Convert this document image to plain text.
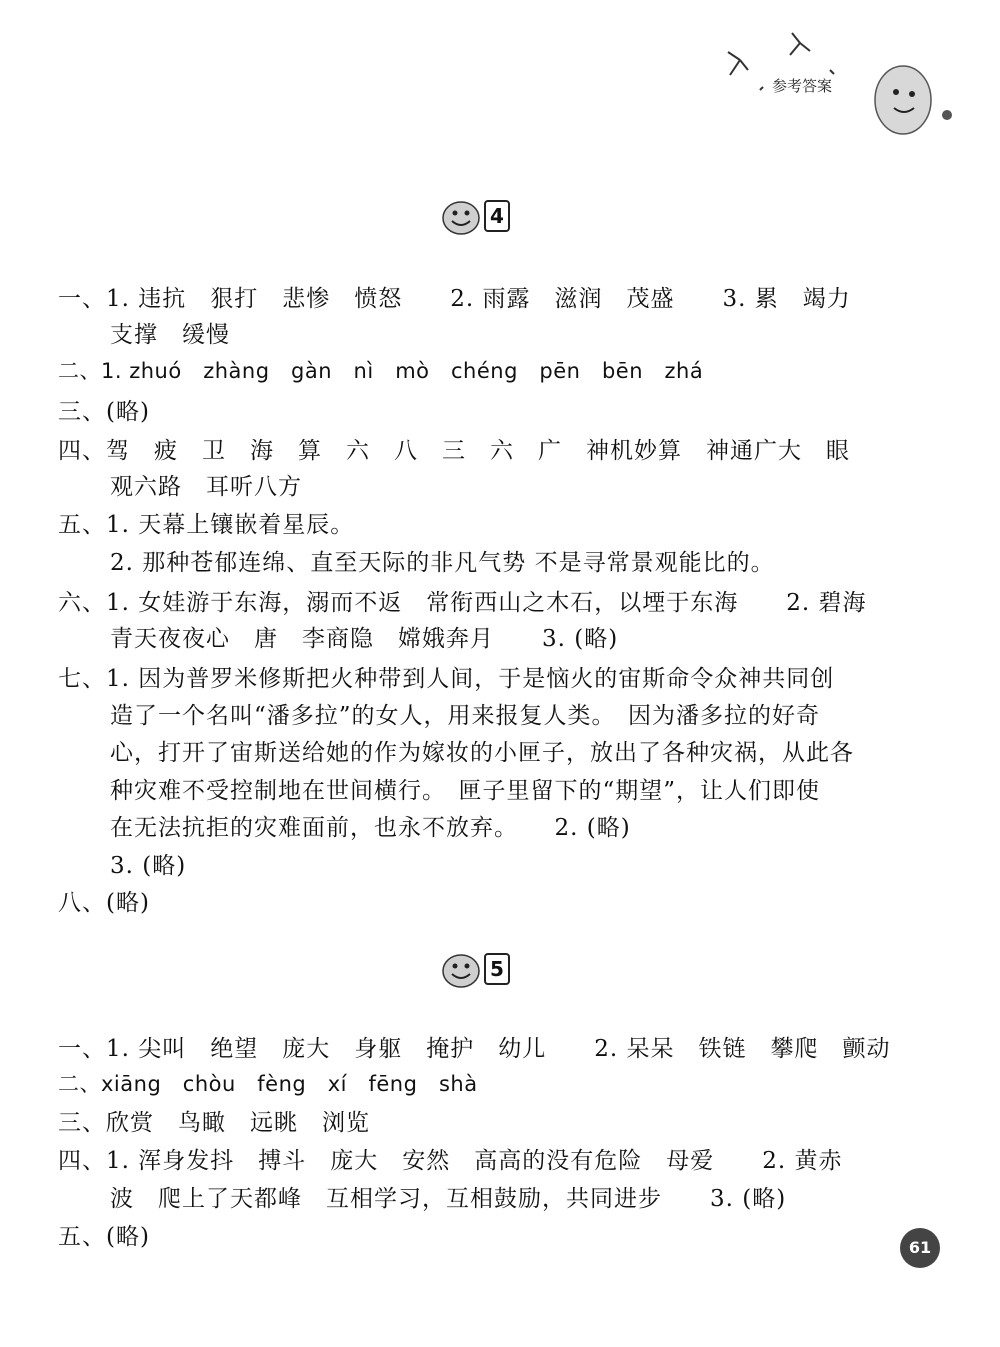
参考答案
4
一、1. 违抗　狠打　悲惨　愤怒　　2. 雨露　滋润　茂盛　　3. 累　竭力
支撑　缓慢
二、1. zhuó　zhàng　gàn　nì　mò　chéng　pēn　bēn　zhá
三、(略)
四、驾　疲　卫　海　算　六　八　三　六　广　神机妙算　神通广大　眼
观六路　耳听八方
五、1. 天幕上镶嵌着星辰。
2. 那种苍郁连绵、直至天际的非凡气势 不是寻常景观能比的。
六、1. 女娃游于东海，溺而不返　常衔西山之木石，以堙于东海　　2. 碧海
青天夜夜心　唐　李商隐　嫦娥奔月　　3. (略)
七、1. 因为普罗米修斯把火种带到人间，于是恼火的宙斯命令众神共同创
造了一个名叫“潘多拉”的女人，用来报复人类。　因为潘多拉的好奇
心，打开了宙斯送给她的作为嫁妆的小匣子，放出了各种灾祸，从此各
种灾难不受控制地在世间横行。　匣子里留下的“期望”，让人们即使
在无法抗拒的灾难面前，也永不放弃。　　2. (略)
3. (略)
八、(略)
5
一、1. 尖叫　绝望　庞大　身躯　掩护　幼儿　　2. 呆呆　铁链　攀爬　颤动
二、xiāng　chòu　fèng　xí　fēng　shà
三、欣赏　鸟瞰　远眺　浏览
四、1. 浑身发抖　搏斗　庞大　安然　高高的没有危险　母爱　　2. 黄赤
波　爬上了天都峰　互相学习，互相鼓励，共同进步　　3. (略)
五、(略)	61
